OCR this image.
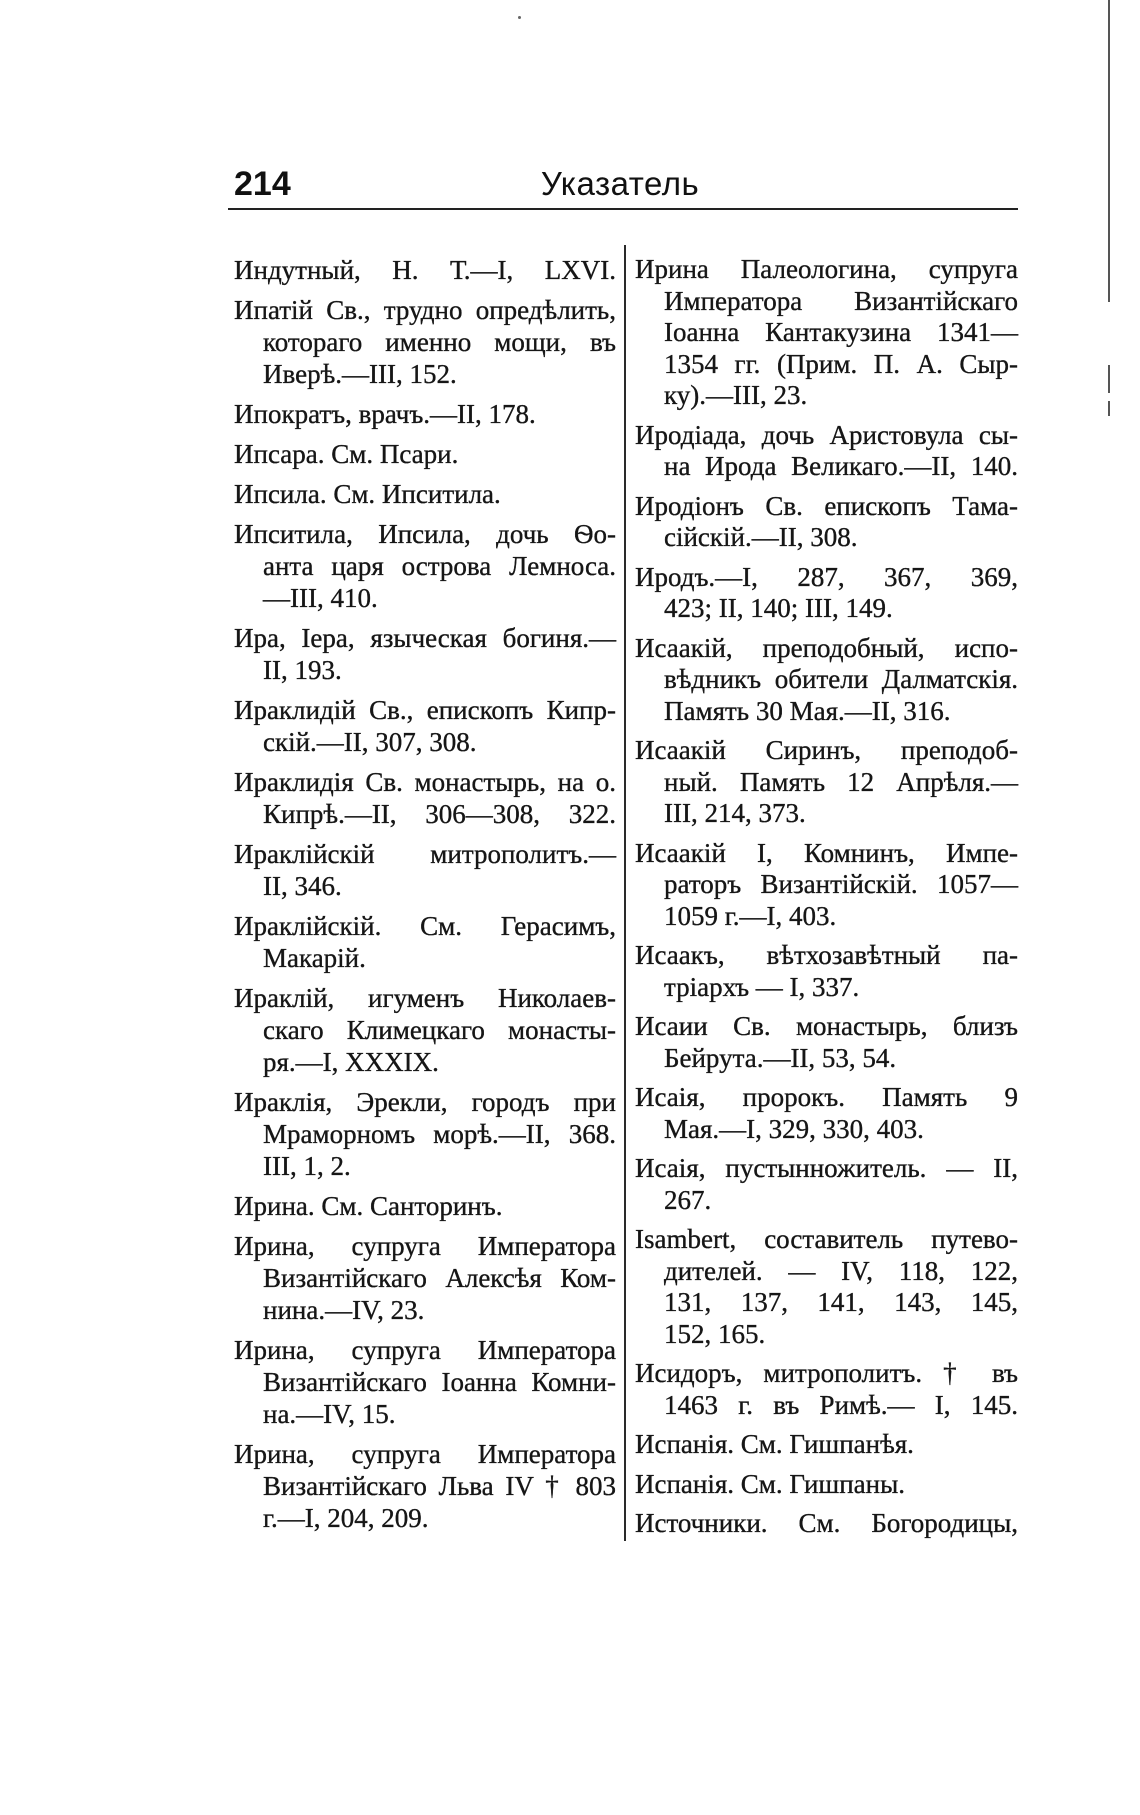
214	Указатель
Индутный, Н. Т.—I, LXVI.
Ипатій Св., трудно опредѣлить,
котораго именно мощи, въ
Иверѣ.—III, 152.
Ипократъ, врачъ.—II, 178.
Ипсара. См. Псари.
Ипсила. См. Ипситила.
Ипситила, Ипсила, дочь Ѳо-
анта царя острова Лемноса.
—III, 410.
Ира, Іера, языческая богиня.—
II, 193.
Ираклидій Св., епископъ Кипр-
скій.—II, 307, 308.
Ираклидія Св. монастырь, на о.
Кипрѣ.—II, 306—308, 322.
Ираклійскій митрополитъ.—
II, 346.
Ираклійскій. См. Герасимъ,
Макарій.
Ираклій, игуменъ Николаев-
скаго Климецкаго монасты-
ря.—I, XXXIX.
Ираклія, Эрекли, городъ при
Мраморномъ морѣ.—II, 368.
III, 1, 2.
Ирина. См. Санторинъ.
Ирина, супруга Императора
Византійскаго Алексѣя Ком-
нина.—IV, 23.
Ирина, супруга Императора
Византійскаго Іоанна Комни-
на.—IV, 15.
Ирина, супруга Императора
Византійскаго Льва IV † 803
г.—I, 204, 209.
Ирина Палеологина, супруга
Императора Византійскаго
Іоанна Кантакузина 1341—
1354 гг. (Прим. П. А. Сыр-
ку).—III, 23.
Иродіада, дочь Аристовула сы-
на Ирода Великаго.—II, 140.
Иродіонъ Св. епископъ Тама-
сійскій.—II, 308.
Иродъ.—I, 287, 367, 369,
423; II, 140; III, 149.
Исаакій, преподобный, испо-
вѣдникъ обители Далматскія.
Память 30 Мая.—II, 316.
Исаакій Сиринъ, преподоб-
ный. Память 12 Апрѣля.—
III, 214, 373.
Исаакій I, Комнинъ, Импе-
раторъ Византійскій. 1057—
1059 г.—I, 403.
Исаакъ, вѣтхозавѣтный па-
тріархъ — I, 337.
Исаии Св. монастырь, близъ
Бейрута.—II, 53, 54.
Исаія, пророкъ. Память 9
Мая.—I, 329, 330, 403.
Исаія, пустынножитель. — II,
267.
Isambert, составитель путево-
дителей. — IV, 118, 122,
131, 137, 141, 143, 145,
152, 165.
Исидоръ, митрополитъ. † въ
1463 г. въ Римѣ.— I, 145.
Испанія. См. Гишпанѣя.
Испанія. См. Гишпаны.
Источники. См. Богородицы,
